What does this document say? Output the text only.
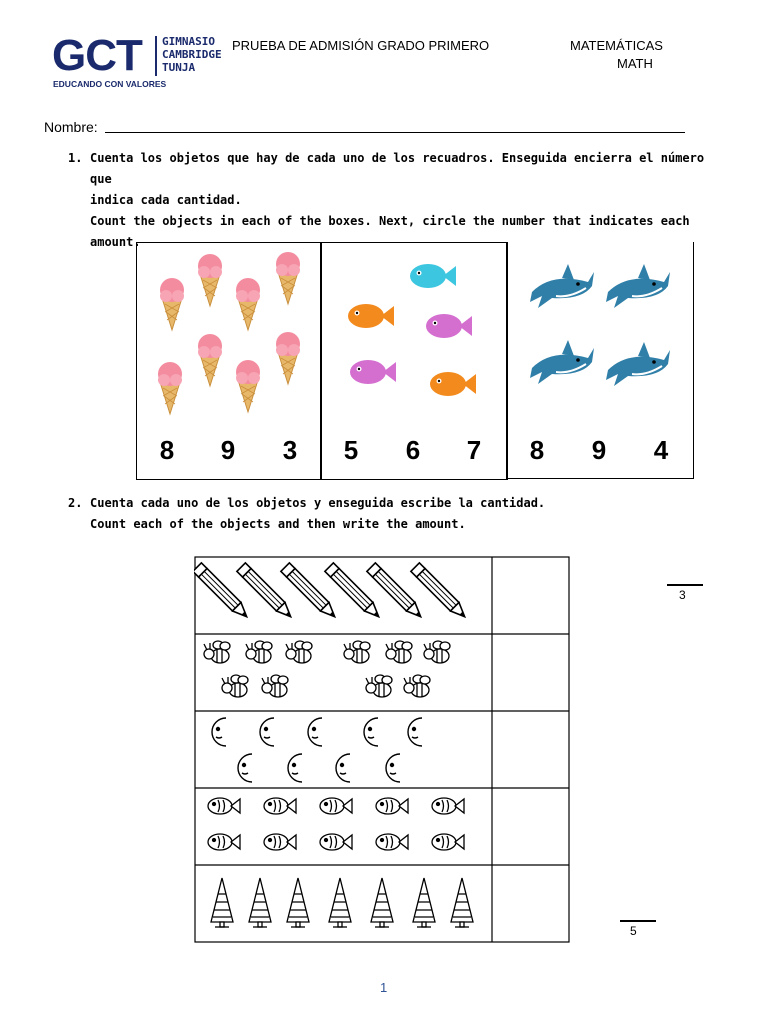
GCT GIMNASIO
CAMBRIDGE
TUNJA
EDUCANDO CON VALORES
PRUEBA DE ADMISIÓN GRADO PRIMERO	MATEMÁTICAS
MATH
Nombre:
1. Cuenta los objetos que hay de cada uno de los recuadros. Enseguida encierra el número que
indica cada cantidad.
Count the objects in each of the boxes. Next, circle the number that indicates each
amount.
8	9	3	5	6	7	8	9	4
2. Cuenta cada uno de los objetos y enseguida escribe la cantidad.
Count each of the objects and then write the amount.
3
5
1
